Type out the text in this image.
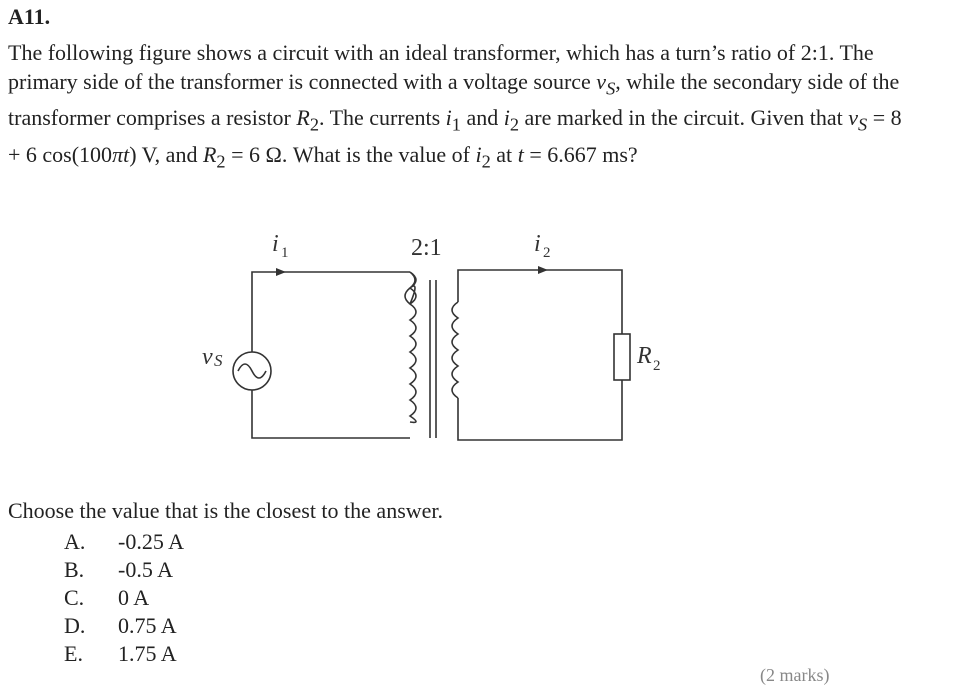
A11.
The following figure shows a circuit with an ideal transformer, which has a turn’s ratio of 2:1. The primary side of the transformer is connected with a voltage source $v_S$, while the secondary side of the transformer comprises a resistor $R_2$. The currents $i_1$ and $i_2$ are marked in the circuit. Given that $v_S = 8 + 6$ cos(100πt) V, and $R_2 = 6$ Ω. What is the value of $i_2$ at t = 6.667 ms?
2:1
i 1	i 2
v S	R 2
Choose the value that is the closest to the answer.
A. -0.25 A
B. -0.5 A
C. 0 A
D. 0.75 A
E. 1.75 A
(2 marks)
